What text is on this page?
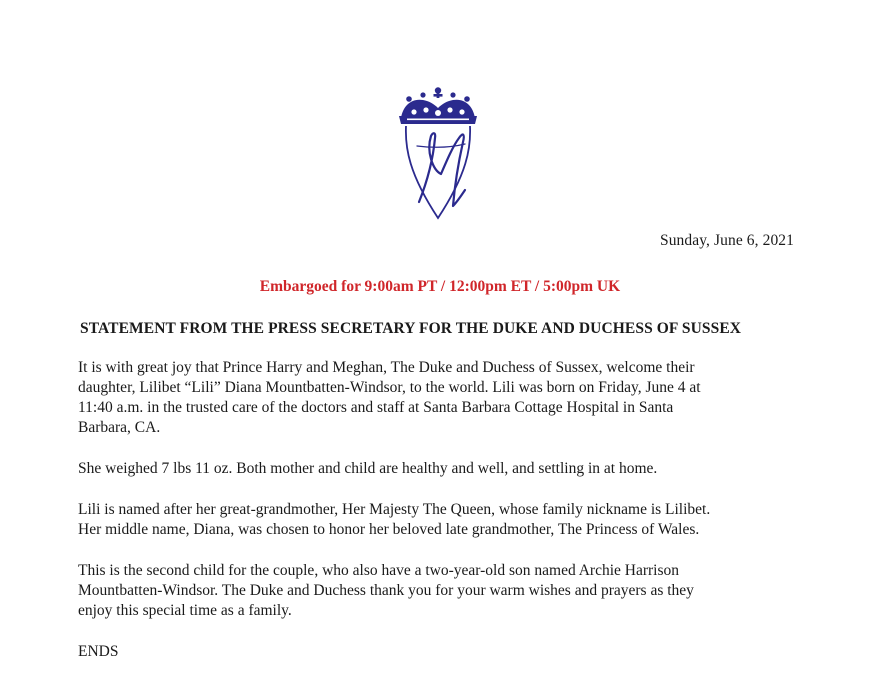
Sunday, June 6, 2021
Embargoed for 9:00am PT / 12:00pm ET / 5:00pm UK
STATEMENT FROM THE PRESS SECRETARY FOR THE DUKE AND DUCHESS OF SUSSEX

It is with great joy that Prince Harry and Meghan, The Duke and Duchess of Sussex, welcome their
daughter, Lilibet “Lili” Diana Mountbatten-Windsor, to the world. Lili was born on Friday, June 4 at
11:40 a.m. in the trusted care of the doctors and staff at Santa Barbara Cottage Hospital in Santa
Barbara, CA.

She weighed 7 lbs 11 oz. Both mother and child are healthy and well, and settling in at home.

Lili is named after her great-grandmother, Her Majesty The Queen, whose family nickname is Lilibet.
Her middle name, Diana, was chosen to honor her beloved late grandmother, The Princess of Wales.

This is the second child for the couple, who also have a two-year-old son named Archie Harrison
Mountbatten-Windsor. The Duke and Duchess thank you for your warm wishes and prayers as they
enjoy this special time as a family.

ENDS
